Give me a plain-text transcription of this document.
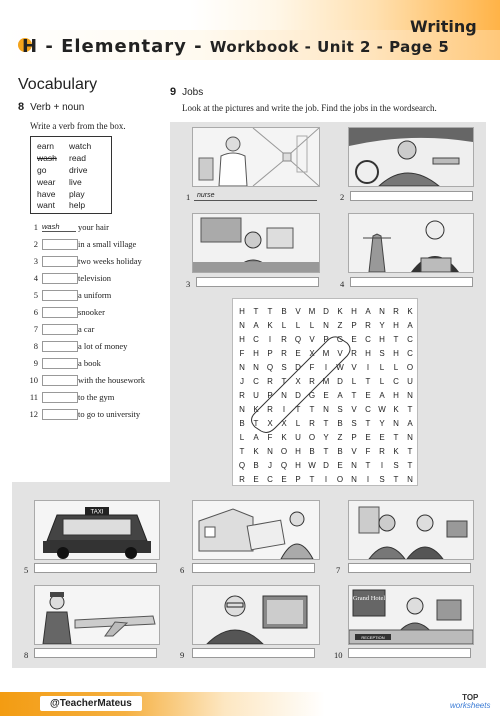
H - Elementary - Workbook - Unit 2 - Page 5
Writing
Vocabulary
8 Verb + noun
Write a verb from the box.
earn
wash
go
wear
have
want
watch
read
drive
live
play
help
1 wash	your hair
2	in a small village
3	two weeks holiday
4	television
5	a uniform
6	snooker
7	a car
8	a lot of money
9	a book
10	with the housework
11	to the gym
12	to go to university
9 Jobs
Look at the pictures and write the job. Find the jobs in the wordsearch.
TAXI
Grand Hotel
RECEPTION
1 nurse	2
3	4
5	6	7
8	9	10
H	T	T	B	V	M	D	K	H	A	N	R	K
N	A	K	L	L	L	N	Z	P	R	Y	H	A
H	C	I	R	Q	V	P	G	E	C	H	T	C
F	H	P	R	E	X	M	V	R	H	S	H	C
N	N	Q	S	D	F	I	W	V	I	L	L	O
J	C	R	T	X	R	M	D	L	T	L	C	U
R	U	P	N	D	G	E	A	T	E	A	H	N
N	K	R	I	T	T	N	S	V	C	W	K	T
B	T	X	X	L	R	T	B	S	T	Y	N	A
L	A	F	K	U	O	Y	Z	P	E	E	T	N
T	K	N	O	H	B	T	B	V	F	R	K	T
Q	B	J	Q	H	W	D	E	N	T	I	S	T
R	E	C	E	P	T	I	O	N	I	S	T	N
@TeacherMateus
TOP
worksheets
